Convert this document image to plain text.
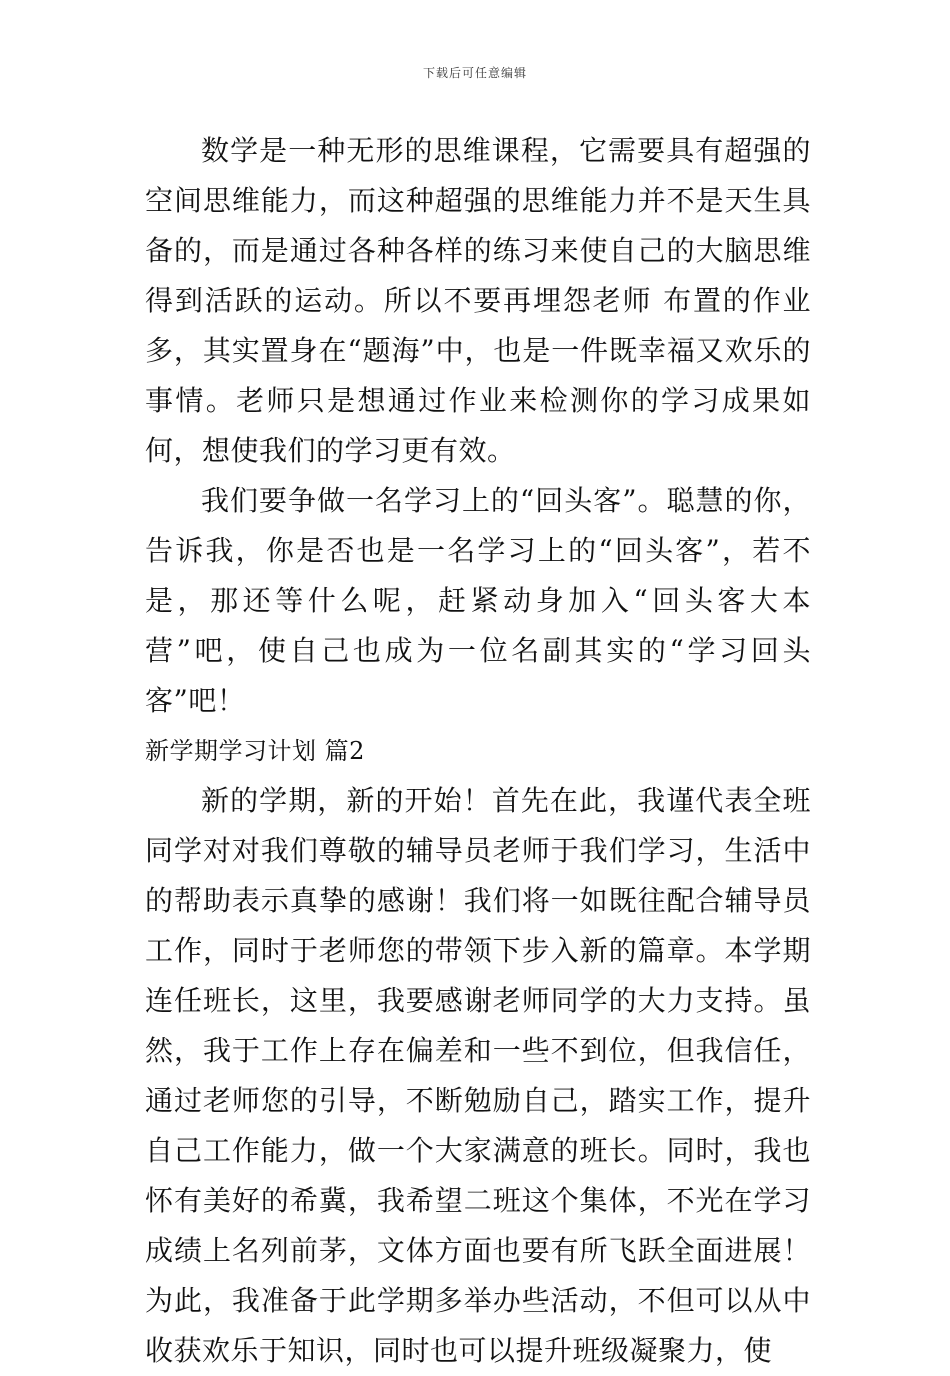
下载后可任意编辑

数学是一种无形的思维课程，它需要具有超强的空间思维能力，而这种超强的思维能力并不是天生具备的，而是通过各种各样的练习来使自己的大脑思维得到活跃的运动。所以不要再埋怨老师 布置的作业多，其实置身在“题海”中，也是一件既幸福又欢乐的 事情。老师只是想通过作业来检测你的学习成果如何，想使我们的学习更有效。

我们要争做一名学习上的“回头客”。聪慧的你，告诉我，你是否也是一名学习上的“回头客”，若不是，那还等什么呢，赶紧动身加入“回头客大本营”吧，使自己也成为一位名副其实的“学习回头客”吧！

新学期学习计划 篇2

新的学期，新的开始！首先在此，我谨代表全班同学对对我们尊敬的辅导员老师于我们学习，生活中的帮助表示真挚的感谢！我们将一如既往配合辅导员工作，同时于老师您的带领下步入新的篇章。本学期连任班长，这里，我要感谢老师同学的大力支持。虽然，我于工作上存在偏差和一些不到位，但我信任，通过老师您的引导，不断勉励自己，踏实工作，提升自己工作能力，做一个大家满意的班长。同时，我也怀有美好的希冀，我希望二班这个集体，不光在学习成绩上名列前茅，文体方面也要有所飞跃全面进展！为此，我准备于此学期多举办些活动，不但可以从中收获欢乐于知识，同时也可以提升班级凝聚力，使
